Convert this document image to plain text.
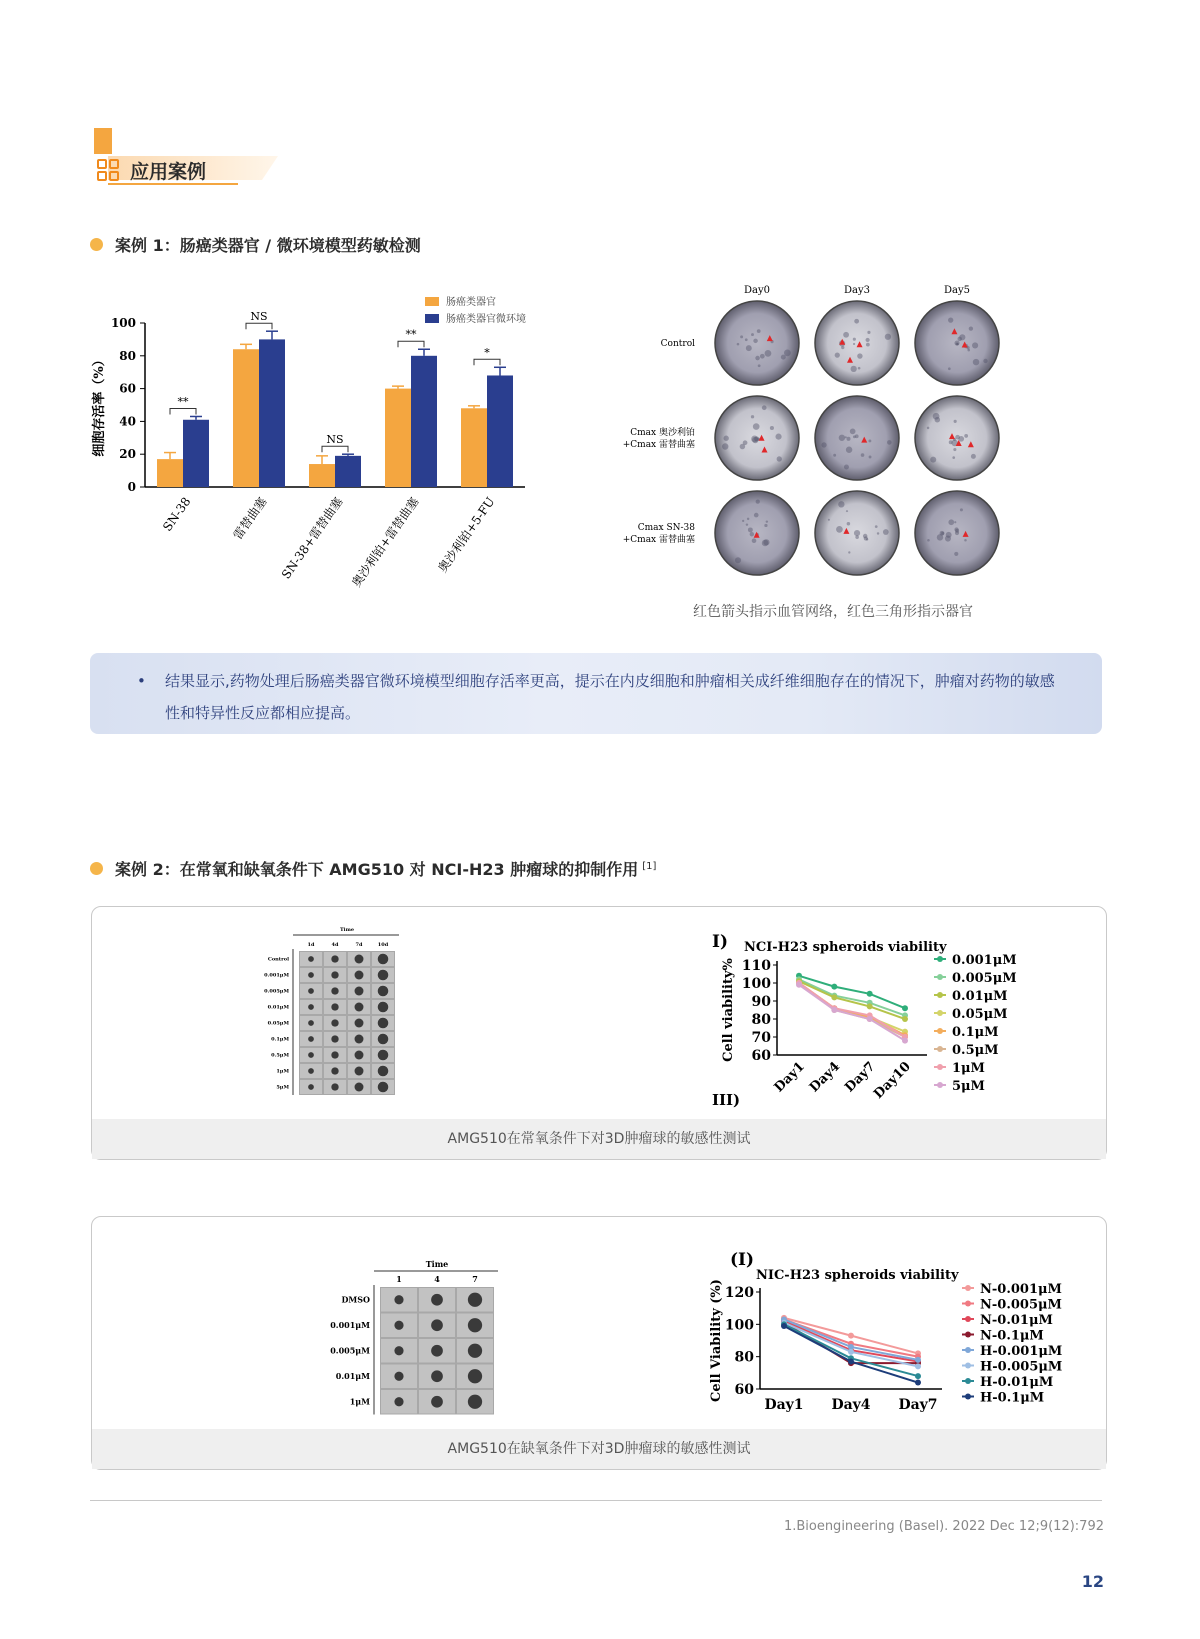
应用案例
案例 1：肠癌类器官 / 微环境模型药敏检测
0
20
40
60
80
100
细胞存活率（%）	**
SN-38
NS
雷替曲塞
NS
SN-38+雷替曲塞
**
奥沙利铂+雷替曲塞
*
奥沙利铂+5-FU
肠癌类器官
肠癌类器官微环境
Day0	Day3	Day5
Control
Cmax 奥沙利铂
+Cmax 雷替曲塞
Cmax SN-38
+Cmax 雷替曲塞
红色箭头指示血管网络，红色三角形指示器官
• 结果显示,药物处理后肠癌类器官微环境模型细胞存活率更高，提示在内皮细胞和肿瘤相关成纤维细胞存在的情况下，肿瘤对药物的敏感性和特异性反应都相应提高。
案例 2：在常氧和缺氧条件下 AMG510 对 NCI-H23 肿瘤球的抑制作用 [1]
Time
1d	4d	7d	10d
Control
0.001μM
0.005μM
0.01μM
0.05μM
0.1μM
0.5μM
1μM
5μM
I) NCI-H23 spheroids viability
60
70
80
90
100
110
Cell viability%
Day1 Day4 Day7
Day10
0.001μM
0.005μM
0.01μM
0.05μM
0.1μM
0.5μM
1μM
5μM
III)
AMG510在常氧条件下对3D肿瘤球的敏感性测试
Time
1	4	7
DMSO
0.001μM
0.005μM
0.01μM
1μM
(I)
NIC-H23 spheroids viability
60
80
100
120
Cell Viability (%)
Day1 Day4 Day7
N-0.001μM
N-0.005μM
N-0.01μM
N-0.1μM
H-0.001μM
H-0.005μM
H-0.01μM
H-0.1μM
AMG510在缺氧条件下对3D肿瘤球的敏感性测试
1.Bioengineering (Basel). 2022 Dec 12;9(12):792
12
